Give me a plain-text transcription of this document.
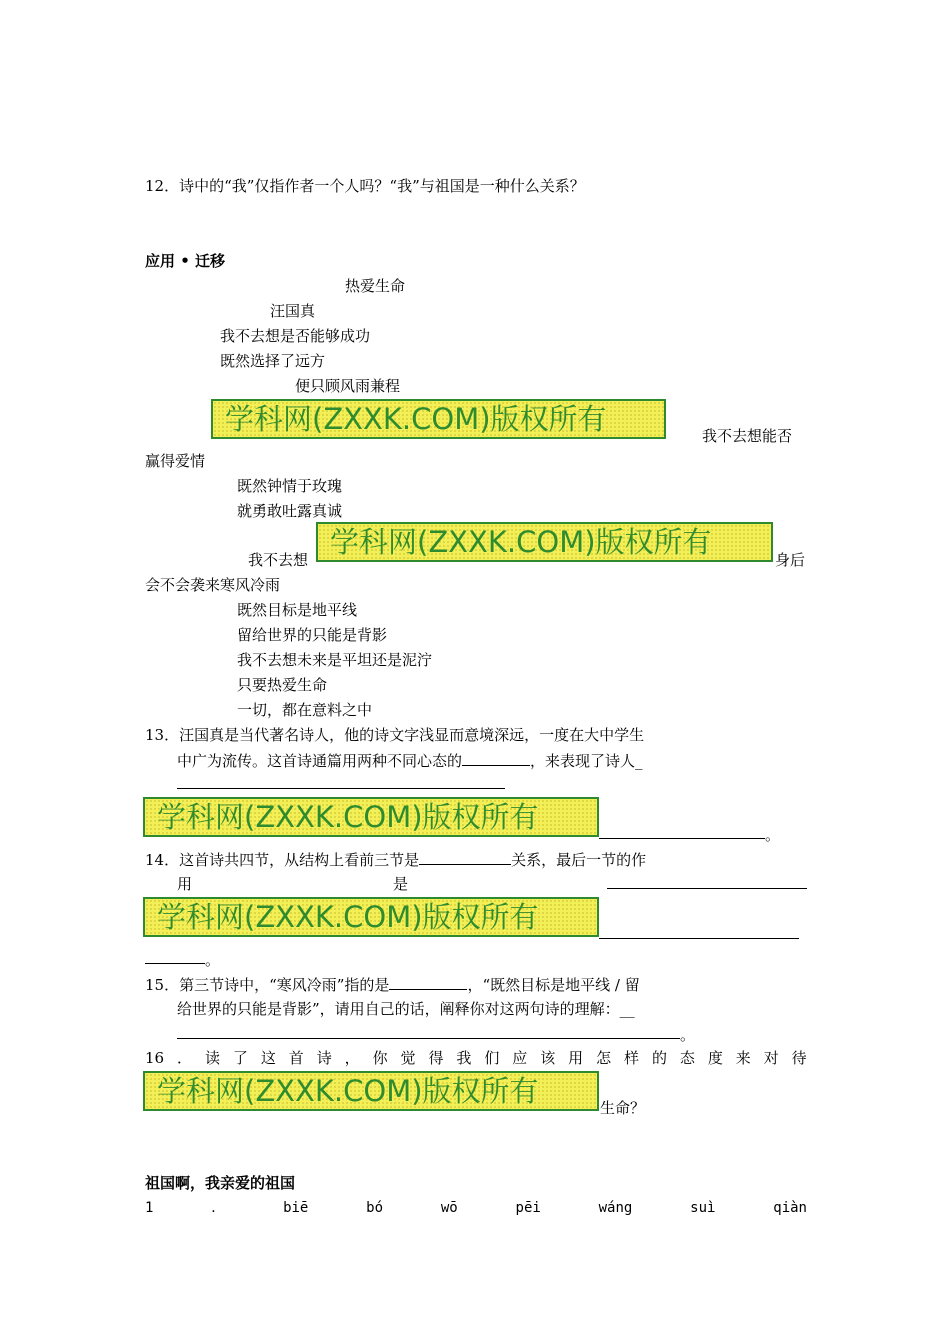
12．诗中的“我”仅指作者一个人吗？“我”与祖国是一种什么关系？
应用 • 迁移
热爱生命
汪国真
我不去想是否能够成功
既然选择了远方
便只顾风雨兼程
学科网(ZXXK.COM)版权所有	我不去想能否
赢得爱情
既然钟情于玫瑰
就勇敢吐露真诚
我不去想
学科网(ZXXK.COM)版权所有
身后
会不会袭来寒风冷雨
既然目标是地平线
留给世界的只能是背影
我不去想未来是平坦还是泥泞
只要热爱生命
一切，都在意料之中
13．汪国真是当代著名诗人，他的诗文字浅显而意境深远，一度在大中学生
中广为流传。这首诗通篇用两种不同心态的	，来表现了诗人_
学科网(ZXXK.COM)版权所有
。
14．这首诗共四节，从结构上看前三节是	关系，最后一节的作
用	是
学科网(ZXXK.COM)版权所有
。
15．第三节诗中，“寒风冷雨”指的是	，“既然目标是地平线 / 留
给世界的只能是背影”，请用自己的话，阐释你对这两句诗的理解：__
。
16 ． 读 了 这 首 诗 ， 你 觉 得 我 们 应 该 用 怎 样 的 态 度 来 对 待
学科网(ZXXK.COM)版权所有	生命？
祖国啊，我亲爱的祖国
1	．	biē	bó	wō	pēi	wáng	suì	qiàn
